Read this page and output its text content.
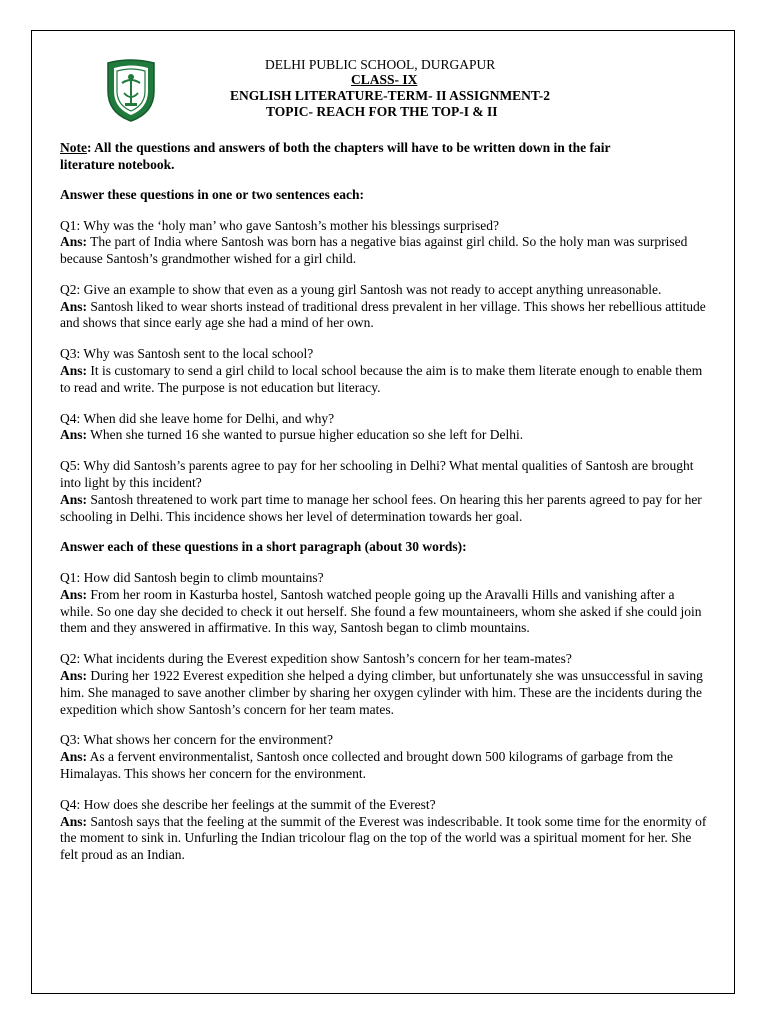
DELHI PUBLIC SCHOOL, DURGAPUR
CLASS- IX
ENGLISH LITERATURE-TERM- II ASSIGNMENT-2
TOPIC- REACH FOR THE TOP-I & II
Note: All the questions and answers of both the chapters will have to be written down in the fair literature notebook.
Answer these questions in one or two sentences each:
Q1: Why was the ‘holy man’ who gave Santosh’s mother his blessings surprised?
Ans: The part of India where Santosh was born has a negative bias against girl child. So the holy man was surprised because Santosh’s grandmother wished for a girl child.
Q2: Give an example to show that even as a young girl Santosh was not ready to accept anything unreasonable.
Ans: Santosh liked to wear shorts instead of traditional dress prevalent in her village. This shows her rebellious attitude and shows that since early age she had a mind of her own.
Q3: Why was Santosh sent to the local school?
Ans: It is customary to send a girl child to local school because the aim is to make them literate enough to enable them to read and write. The purpose is not education but literacy.
Q4: When did she leave home for Delhi, and why?
Ans: When she turned 16 she wanted to pursue higher education so she left for Delhi.
Q5: Why did Santosh’s parents agree to pay for her schooling in Delhi? What mental qualities of Santosh are brought into light by this incident?
Ans: Santosh threatened to work part time to manage her school fees. On hearing this her parents agreed to pay for her schooling in Delhi. This incidence shows her level of determination towards her goal.
Answer each of these questions in a short paragraph (about 30 words):
Q1: How did Santosh begin to climb mountains?
Ans: From her room in Kasturba hostel, Santosh watched people going up the Aravalli Hills and vanishing after a while. So one day she decided to check it out herself. She found a few mountaineers, whom she asked if she could join them and they answered in affirmative. In this way, Santosh began to climb mountains.
Q2: What incidents during the Everest expedition show Santosh’s concern for her team-mates?
Ans: During her 1922 Everest expedition she helped a dying climber, but unfortunately she was unsuccessful in saving him. She managed to save another climber by sharing her oxygen cylinder with him. These are the incidents during the expedition which show Santosh’s concern for her team mates.
Q3: What shows her concern for the environment?
Ans: As a fervent environmentalist, Santosh once collected and brought down 500 kilograms of garbage from the Himalayas. This shows her concern for the environment.
Q4: How does she describe her feelings at the summit of the Everest?
Ans: Santosh says that the feeling at the summit of the Everest was indescribable. It took some time for the enormity of the moment to sink in. Unfurling the Indian tricolour flag on the top of the world was a spiritual moment for her. She felt proud as an Indian.
